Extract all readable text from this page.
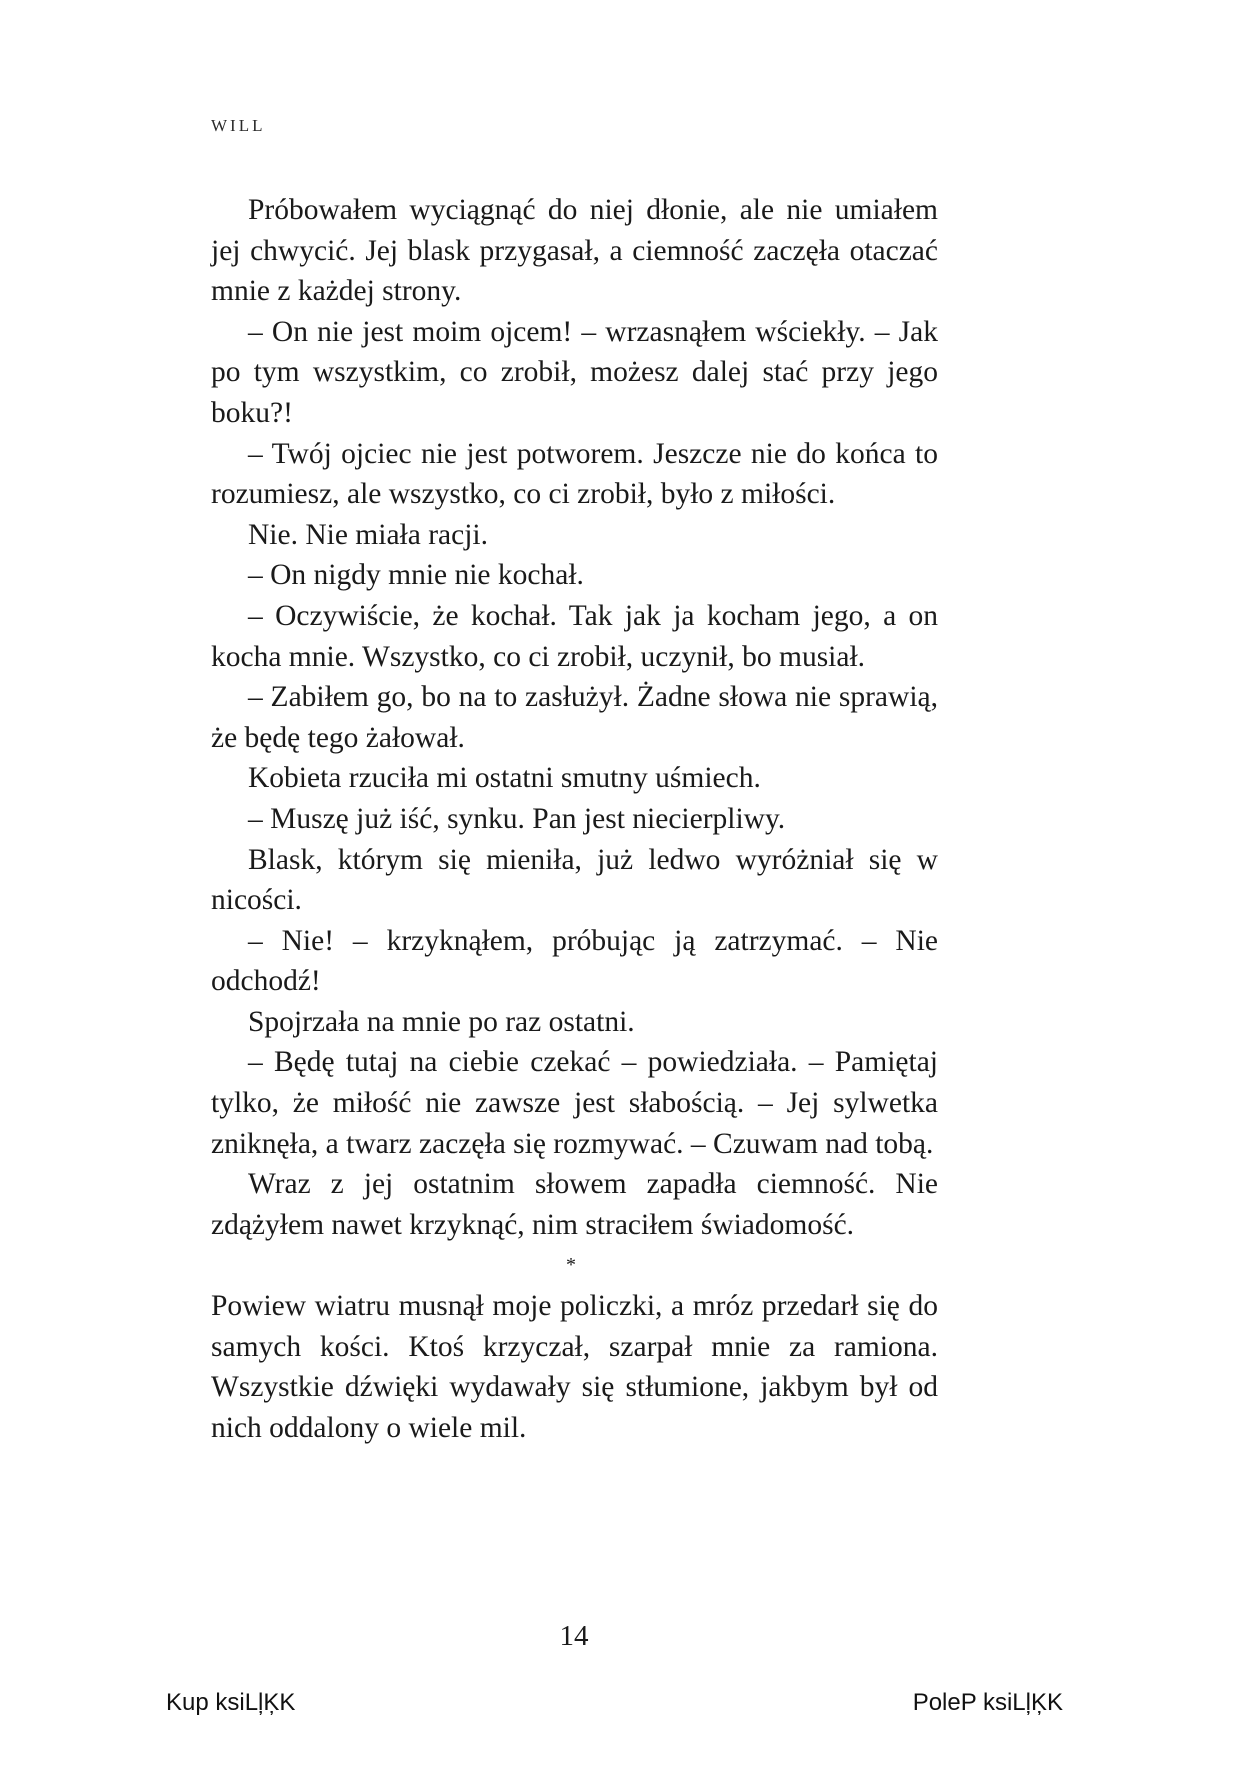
WILL

Próbowałem wyciągnąć do niej dłonie, ale nie umiałem jej chwycić. Jej blask przygasał, a ciemność zaczęła otaczać mnie z każdej strony.

– On nie jest moim ojcem! – wrzasnąłem wściekły. – Jak po tym wszystkim, co zrobił, możesz dalej stać przy jego boku?!

– Twój ojciec nie jest potworem. Jeszcze nie do końca to rozumiesz, ale wszystko, co ci zrobił, było z miłości.

Nie. Nie miała racji.

– On nigdy mnie nie kochał.

– Oczywiście, że kochał. Tak jak ja kocham jego, a on kocha mnie. Wszystko, co ci zrobił, uczynił, bo musiał.

– Zabiłem go, bo na to zasłużył. Żadne słowa nie sprawią, że będę tego żałował.

Kobieta rzuciła mi ostatni smutny uśmiech.

– Muszę już iść, synku. Pan jest niecierpliwy.

Blask, którym się mieniła, już ledwo wyróżniał się w nicości.

– Nie! – krzyknąłem, próbując ją zatrzymać. – Nie odchodź!

Spojrzała na mnie po raz ostatni.

– Będę tutaj na ciebie czekać – powiedziała. – Pamiętaj tylko, że miłość nie zawsze jest słabością. – Jej sylwetka zniknęła, a twarz zaczęła się rozmywać. – Czuwam nad tobą.

Wraz z jej ostatnim słowem zapadła ciemność. Nie zdążyłem nawet krzyknąć, nim straciłem świadomość.

*

Powiew wiatru musnął moje policzki, a mróz przedarł się do samych kości. Ktoś krzyczał, szarpał mnie za ramiona. Wszystkie dźwięki wydawały się stłumione, jakbym był od nich oddalony o wiele mil.

14
Kup ksiLļĶK	PoleP ksiLļĶK
